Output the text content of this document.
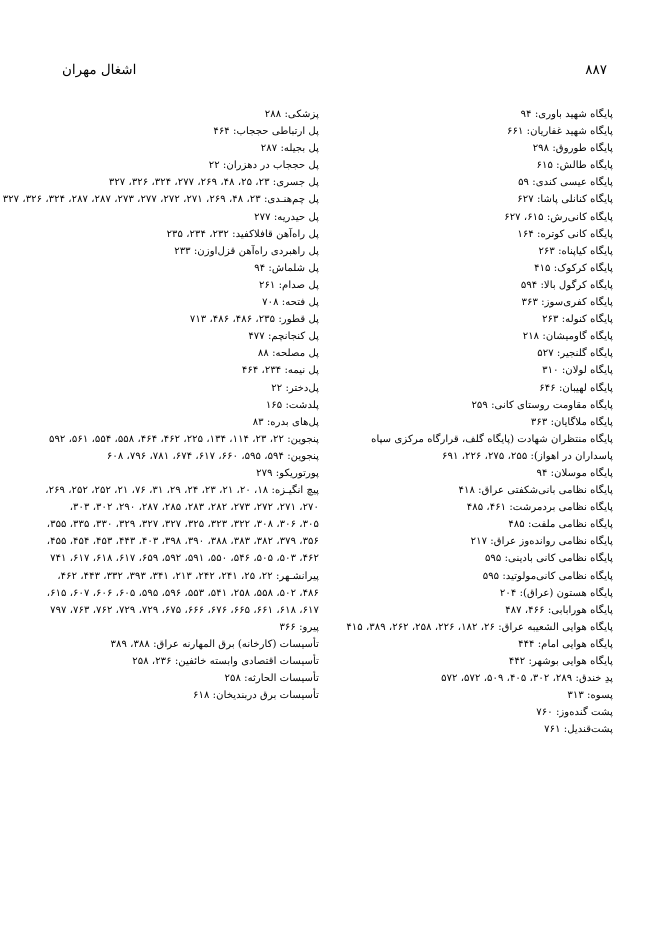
اشغال مهران	۸۸۷
پایگاه شهید باوری: ۹۴
پایگاه شهید غفاریان: ۶۶۱
پایگاه طوروق: ۲۹۸
پایگاه طالش: ۶۱۵
پایگاه عیسی کندی: ۵۹
پایگاه کنانلی پاشا: ۶۲۷
پایگاه کانی‌رش: ۶۱۵، ۶۲۷
پایگاه کانی کوتره: ۱۶۴
پایگاه کیاپناه: ۲۶۳
پایگاه کرکوک: ۴۱۵
پایگاه کرگول بالا: ۵۹۴
پایگاه کفری‌سوز: ۳۶۳
پایگاه کنوله: ۲۶۳
پایگاه گاومیشان: ۲۱۸
پایگاه گلنجیر: ۵۲۷
پایگاه لولان: ۳۱۰
پایگاه لهیبان: ۶۴۶
پایگاه مقاومت روستای کانی: ۲۵۹
پایگاه ملاگایان: ۳۶۳
پایگاه منتظران شهادت (پایگاه گلف، قرارگاه مرکزی سپاه پاسداران در اهواز): ۲۵۵، ۲۷۵، ۲۲۶، ۶۹۱
پایگاه موسلان: ۹۴
پایگاه نظامی بانی‌شکفتی عراق: ۴۱۸
پایگاه نظامی بردمرشت: ۴۶۱، ۴۸۵
پایگاه نظامی ملفت: ۴۸۵
پایگاه نظامی روانده‌وز عراق: ۲۱۷
پایگاه نظامی کانی بادینی: ۵۹۵
پایگاه نظامی کانی‌مولوتید: ۵۹۵
پایگاه هستون (عراق): ۲۰۴
پایگاه هورابابی: ۴۶۶، ۴۸۷
پایگاه هوایی الشعیبه عراق: ۲۶، ۱۸۲، ۲۲۶، ۲۵۸، ۲۶۲، ۳۸۹، ۴۱۵
پایگاه هوایی امام: ۴۴۴
پایگاه هوایی بوشهر: ۴۴۲
پدِ خندق: ۲۸۹، ۳۰۲، ۴۰۵، ۵۰۹، ۵۷۲، ۵۷۲
پسوه: ۳۱۳
پشت گندەوز: ۷۶۰
پشت‌قندیل: ۷۶۱
پزشکی: ۲۸۸
پل ارتباطی حججاب: ۴۶۴
پل بجیله: ۲۸۷
پل حججاب در دهزران: ۲۲
پل جسری: ۲۳، ۲۵، ۴۸، ۲۶۹، ۲۷۷، ۳۲۴، ۳۲۶، ۳۲۷
پل چم‌هنـدی: ۲۳، ۴۸، ۲۶۹، ۲۷۱، ۲۷۲، ۲۷۷، ۲۷۳، ۲۸۷، ۲۸۷، ۳۲۴، ۳۲۶، ۳۲۷
پل حیدریه: ۲۷۷
پل راه‌آهن قافلاکفید: ۲۳۲، ۲۳۴، ۲۳۵
پل راهبردی راه‌آهن قزل‌اوزن: ۲۳۳
پل شلماش: ۹۴
پل صدام: ۲۶۱
پل فتحه: ۷۰۸
پل قطور: ۲۳۵، ۴۸۶، ۴۸۶، ۷۱۳
پل کنجانچم: ۴۷۷
پل مصلحه: ۸۸
پل نیمه: ۲۳۴، ۴۶۴
پل‌دختر: ۲۲
پلدشت: ۱۶۵
پل‌های بدره: ۸۳
پنجوین: ۲۲، ۲۳، ۱۱۴، ۱۳۴، ۲۲۵، ۴۶۲، ۴۶۴، ۵۵۸، ۵۵۴، ۵۶۱، ۵۹۲
پنجوین: ۵۹۴، ۵۹۵، ۶۶۰، ۶۱۷، ۶۷۴، ۷۸۱، ۷۹۶، ۶۰۸
پورتوریکو: ۲۷۹
پیچ انگیـزه: ۱۸، ۲۰، ۲۱، ۲۳، ۲۴، ۲۹، ۳۱، ۷۶، ۲۱، ۲۵۲، ۲۵۲، ۲۶۹،
۲۷۰، ۲۷۱، ۲۷۲، ۲۷۳، ۲۸۲، ۲۸۳، ۲۸۵، ۲۸۷، ۲۹۰، ۳۰۲، ۳۰۳،
۳۰۵، ۳۰۶، ۳۰۸، ۳۲۲، ۳۲۳، ۳۲۵، ۳۲۷، ۳۲۷، ۳۲۹، ۳۳۰، ۳۳۵، ۳۵۵،
۳۵۶، ۳۷۹، ۳۸۲، ۳۸۳، ۳۸۸، ۳۹۰، ۳۹۸، ۴۰۳، ۴۴۳، ۴۵۳، ۴۵۴، ۴۵۵،
۴۶۲، ۵۰۳، ۵۰۵، ۵۴۶، ۵۵۰، ۵۹۱، ۵۹۲، ۶۵۹، ۶۱۷، ۶۱۸، ۶۱۷، ۷۴۱
پیرانشـهر: ۲۲، ۲۵، ۲۴۱، ۲۴۲، ۲۱۳، ۳۴۱، ۳۹۳، ۳۳۲، ۴۴۳، ۴۶۲،
۴۸۶، ۵۰۲، ۵۵۸، ۲۵۸، ۵۴۱، ۵۵۳، ۵۹۶، ۵۹۵، ۶۰۵، ۶۰۶، ۶۰۷، ۶۱۵،
۶۱۷، ۶۱۸، ۶۶۱، ۶۶۵، ۶۷۶، ۶۶۶، ۶۷۵، ۷۲۹، ۷۲۹، ۷۶۲، ۷۶۳، ۷۹۷
پیرو: ۳۶۶
تأسیسات (کارخانه) برق المهارنه عراق: ۳۸۸، ۳۸۹
تأسیسات اقتصادی وابسته خائفین: ۲۳۶، ۲۵۸
تأسیسات الحارثه: ۲۵۸
تأسیسات برق دربندیخان: ۶۱۸
